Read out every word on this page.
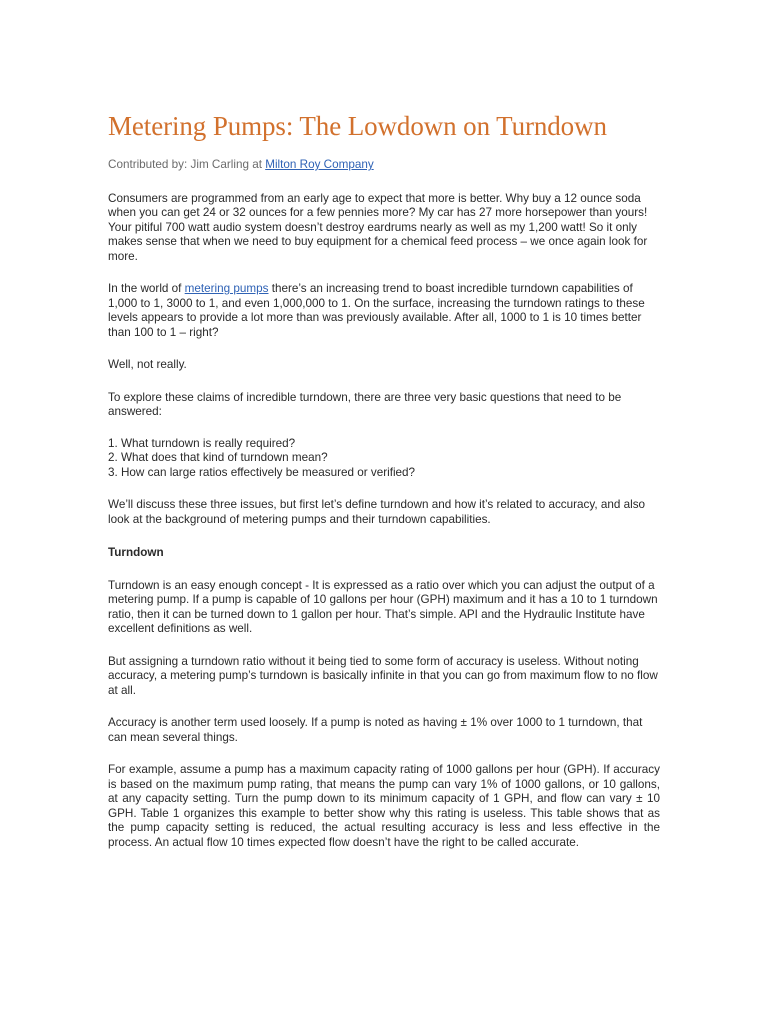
Metering Pumps: The Lowdown on Turndown
Contributed by: Jim Carling at Milton Roy Company

Consumers are programmed from an early age to expect that more is better. Why buy a 12 ounce soda when you can get 24 or 32 ounces for a few pennies more? My car has 27 more horsepower than yours! Your pitiful 700 watt audio system doesn’t destroy eardrums nearly as well as my 1,200 watt! So it only makes sense that when we need to buy equipment for a chemical feed process – we once again look for more.

In the world of metering pumps there’s an increasing trend to boast incredible turndown capabilities of 1,000 to 1, 3000 to 1, and even 1,000,000 to 1. On the surface, increasing the turndown ratings to these levels appears to provide a lot more than was previously available. After all, 1000 to 1 is 10 times better than 100 to 1 – right?

Well, not really.

To explore these claims of incredible turndown, there are three very basic questions that need to be answered:

1. What turndown is really required?
2. What does that kind of turndown mean?
3. How can large ratios effectively be measured or verified?

We’ll discuss these three issues, but first let’s define turndown and how it’s related to accuracy, and also look at the background of metering pumps and their turndown capabilities.

Turndown

Turndown is an easy enough concept - It is expressed as a ratio over which you can adjust the output of a metering pump. If a pump is capable of 10 gallons per hour (GPH) maximum and it has a 10 to 1 turndown ratio, then it can be turned down to 1 gallon per hour. That’s simple. API and the Hydraulic Institute have excellent definitions as well.

But assigning a turndown ratio without it being tied to some form of accuracy is useless. Without noting accuracy, a metering pump’s turndown is basically infinite in that you can go from maximum flow to no flow at all.

Accuracy is another term used loosely. If a pump is noted as having ± 1% over 1000 to 1 turndown, that can mean several things.

For example, assume a pump has a maximum capacity rating of 1000 gallons per hour (GPH). If accuracy is based on the maximum pump rating, that means the pump can vary 1% of 1000 gallons, or 10 gallons, at any capacity setting. Turn the pump down to its minimum capacity of 1 GPH, and flow can vary ± 10 GPH. Table 1 organizes this example to better show why this rating is useless. This table shows that as the pump capacity setting is reduced, the actual resulting accuracy is less and less effective in the process. An actual flow 10 times expected flow doesn’t have the right to be called accurate.
